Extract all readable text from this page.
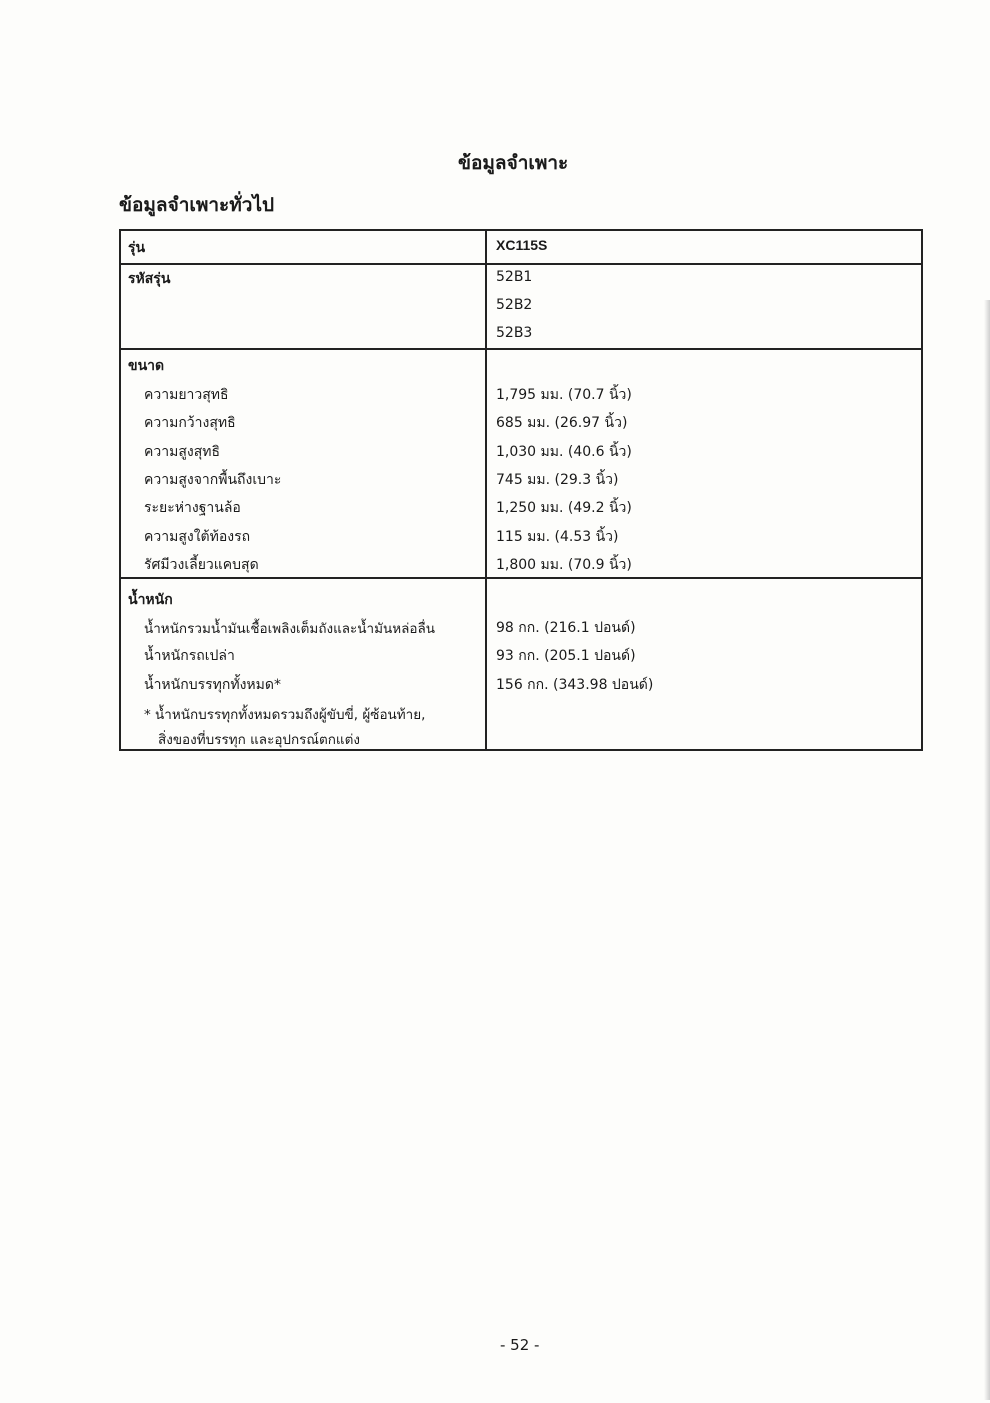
ข้อมูลจำเพาะ
ข้อมูลจำเพาะทั่วไป
รุ่น	XC115S
รหัสรุ่น	52B1
52B2
52B3
ขนาด
ความยาวสุทธิ	1,795 มม. (70.7 นิ้ว)
ความกว้างสุทธิ	685 มม. (26.97 นิ้ว)
ความสูงสุทธิ	1,030 มม. (40.6 นิ้ว)
ความสูงจากพื้นถึงเบาะ	745 มม. (29.3 นิ้ว)
ระยะห่างฐานล้อ	1,250 มม. (49.2 นิ้ว)
ความสูงใต้ท้องรถ	115 มม. (4.53 นิ้ว)
รัศมีวงเลี้ยวแคบสุด	1,800 มม. (70.9 นิ้ว)
น้ำหนัก
น้ำหนักรวมน้ำมันเชื้อเพลิงเต็มถังและน้ำมันหล่อลื่น	98 กก. (216.1 ปอนด์)
น้ำหนักรถเปล่า	93 กก. (205.1 ปอนด์)
น้ำหนักบรรทุกทั้งหมด*	156 กก. (343.98 ปอนด์)
* น้ำหนักบรรทุกทั้งหมดรวมถึงผู้ขับขี่, ผู้ซ้อนท้าย,
สิ่งของที่บรรทุก และอุปกรณ์ตกแต่ง
- 52 -
